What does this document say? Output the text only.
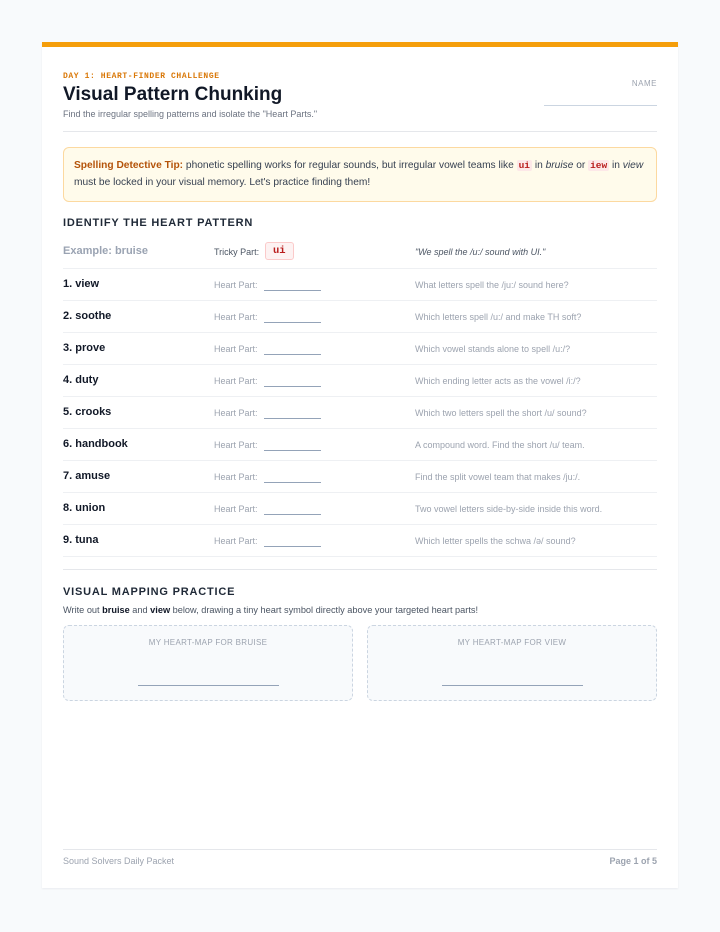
DAY 1: HEART-FINDER CHALLENGE
Visual Pattern Chunking
Find the irregular spelling patterns and isolate the "Heart Parts."
NAME
Spelling Detective Tip: phonetic spelling works for regular sounds, but irregular vowel teams like ui in bruise or iew in view must be locked in your visual memory. Let's practice finding them!
IDENTIFY THE HEART PATTERN
Example: bruise	Tricky Part:	ui	"We spell the /u:/ sound with UI."
1. view	Heart Part:	What letters spell the /ju:/ sound here?
2. soothe	Heart Part:	Which letters spell /u:/ and make TH soft?
3. prove	Heart Part:	Which vowel stands alone to spell /u:/?
4. duty	Heart Part:	Which ending letter acts as the vowel /i:/?
5. crooks	Heart Part:	Which two letters spell the short /u/ sound?
6. handbook	Heart Part:	A compound word. Find the short /u/ team.
7. amuse	Heart Part:	Find the split vowel team that makes /ju:/.
8. union	Heart Part:	Two vowel letters side-by-side inside this word.
9. tuna	Heart Part:	Which letter spells the schwa /ə/ sound?
VISUAL MAPPING PRACTICE
Write out bruise and view below, drawing a tiny heart symbol directly above your targeted heart parts!
MY HEART-MAP FOR BRUISE	MY HEART-MAP FOR VIEW
Sound Solvers Daily Packet	Page 1 of 5
